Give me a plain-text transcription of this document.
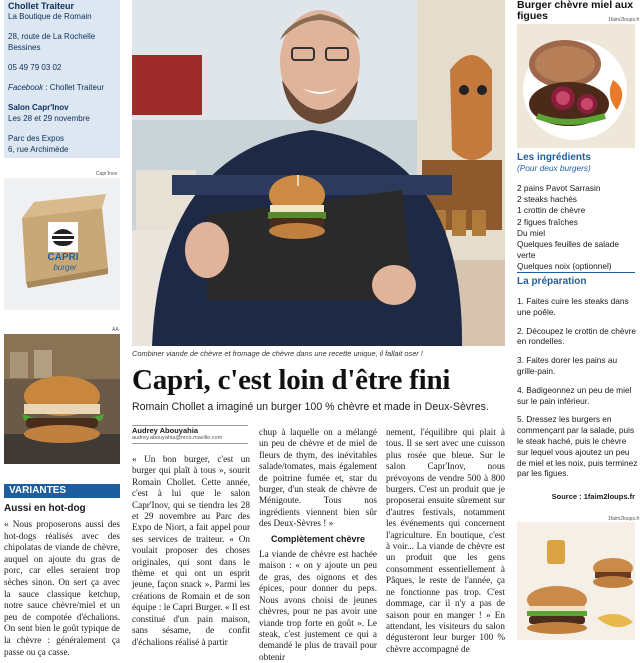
Chollet Traiteur

La Boutique de Romain

28, route de La Rochelle

Bessines

05 49 79 03 02

Facebook : Chollet Traiteur

Salon Capr'Inov

Les 28 et 29 novembre

Parc des Expos

6, rue Archimède

Capr'Inov
CAPRI
burger
AA
VARIANTES
Aussi en hot-dog
« Nous proposerons aussi des hot-dogs réalisés avec des chipolatas de viande de chèvre, auquel on ajoute du gras de porc, car elles seraient trop sèches sinon. On sert ça avec la sauce classique ketchup, notre sauce chèvre/miel et un peu de compotée d'échalions. On sent bien le goût typique de la chèvre : généralement ça passe ou ça casse.
Combiner viande de chèvre et fromage de chèvre dans une recette unique, il fallait oser !
Capri, c'est loin d'être fini
Romain Chollet a imaginé un burger 100 % chèvre et made in Deux-Sèvres.
Audrey Abouyahia
audrey.abouyahia@nrco.maville.com
« Un bon burger, c'est un burger qui plaît à tous », sourit Romain Chollet. Cette année, c'est à lui que le salon Capr'Inov, qui se tiendra les 28 et 29 novembre au Parc des Expo de Niort, a fait appel pour ses services de traiteur. « On voulait proposer des choses originales, qui sont dans le thème et qui ont un esprit jeune, façon snack ». Parmi les créations de Romain et de son équipe : le Capri Burger. « Il est constitué d'un pain maison, sans sésame, de confit d'échalions réalisé à partir

chup à laquelle on a mélangé un peu de chèvre et de miel de fleurs de thym, des inévitables salade/tomates, mais également de poitrine fumée et, star du burger, d'un steak de chèvre de Ménigoute. Tous nos ingrédients viennent bien sûr des Deux-Sèvres ! »

Complètement chèvre

La viande de chèvre est hachée maison : « on y ajoute un peu de gras, des oignons et des épices, pour donner du peps. Nous avons choisi de jeunes chèvres, pour ne pas avoir une viande trop forte en goût ». Le steak, c'est justement ce qui a demandé le plus de travail pour obtenir

nement, l'équilibre qui plait à tous. Il se sert avec une cuisson plus rosée que bleue. Sur le salon Capr'Inov, nous prévoyons de vendre 500 à 800 burgers. C'est un produit que je proposerai ensuite sûrement sur d'autres festivals, notamment les événements qui concernent l'agriculture. En boutique, c'est à voir... La viande de chèvre est un produit que les gens consomment essentiellement à Pâques, le reste de l'année, ça ne fonctionne pas trop. C'est dommage, car il n'y a pas de saison pour en manger ! » En attendant, les visiteurs du salon dégusteront leur burger 100 % chèvre accompagné de
Burger chèvre miel aux figues	1faim2loups.fr
Les ingrédients
(Pour deux burgers)
2 pains Pavot Sarrasin
2 steaks hachés
1 crottin de chèvre
2 figues fraîches
Du miel
Quelques feuilles de salade verte
Quelques noix (optionnel)
La préparation
1. Faites cuire les steaks dans une poêle.
2. Découpez le crottin de chèvre en rondelles.
3. Faites dorer les pains au grille-pain.
4. Badigeonnez un peu de miel sur le pain inférieur.
5. Dressez les burgers en commençant par la salade, puis le steak haché, puis le chèvre sur lequel vous ajoutez un peu de miel et les noix, puis terminez par les figues.
Source : 1faim2loups.fr
1faim2loups.fr
